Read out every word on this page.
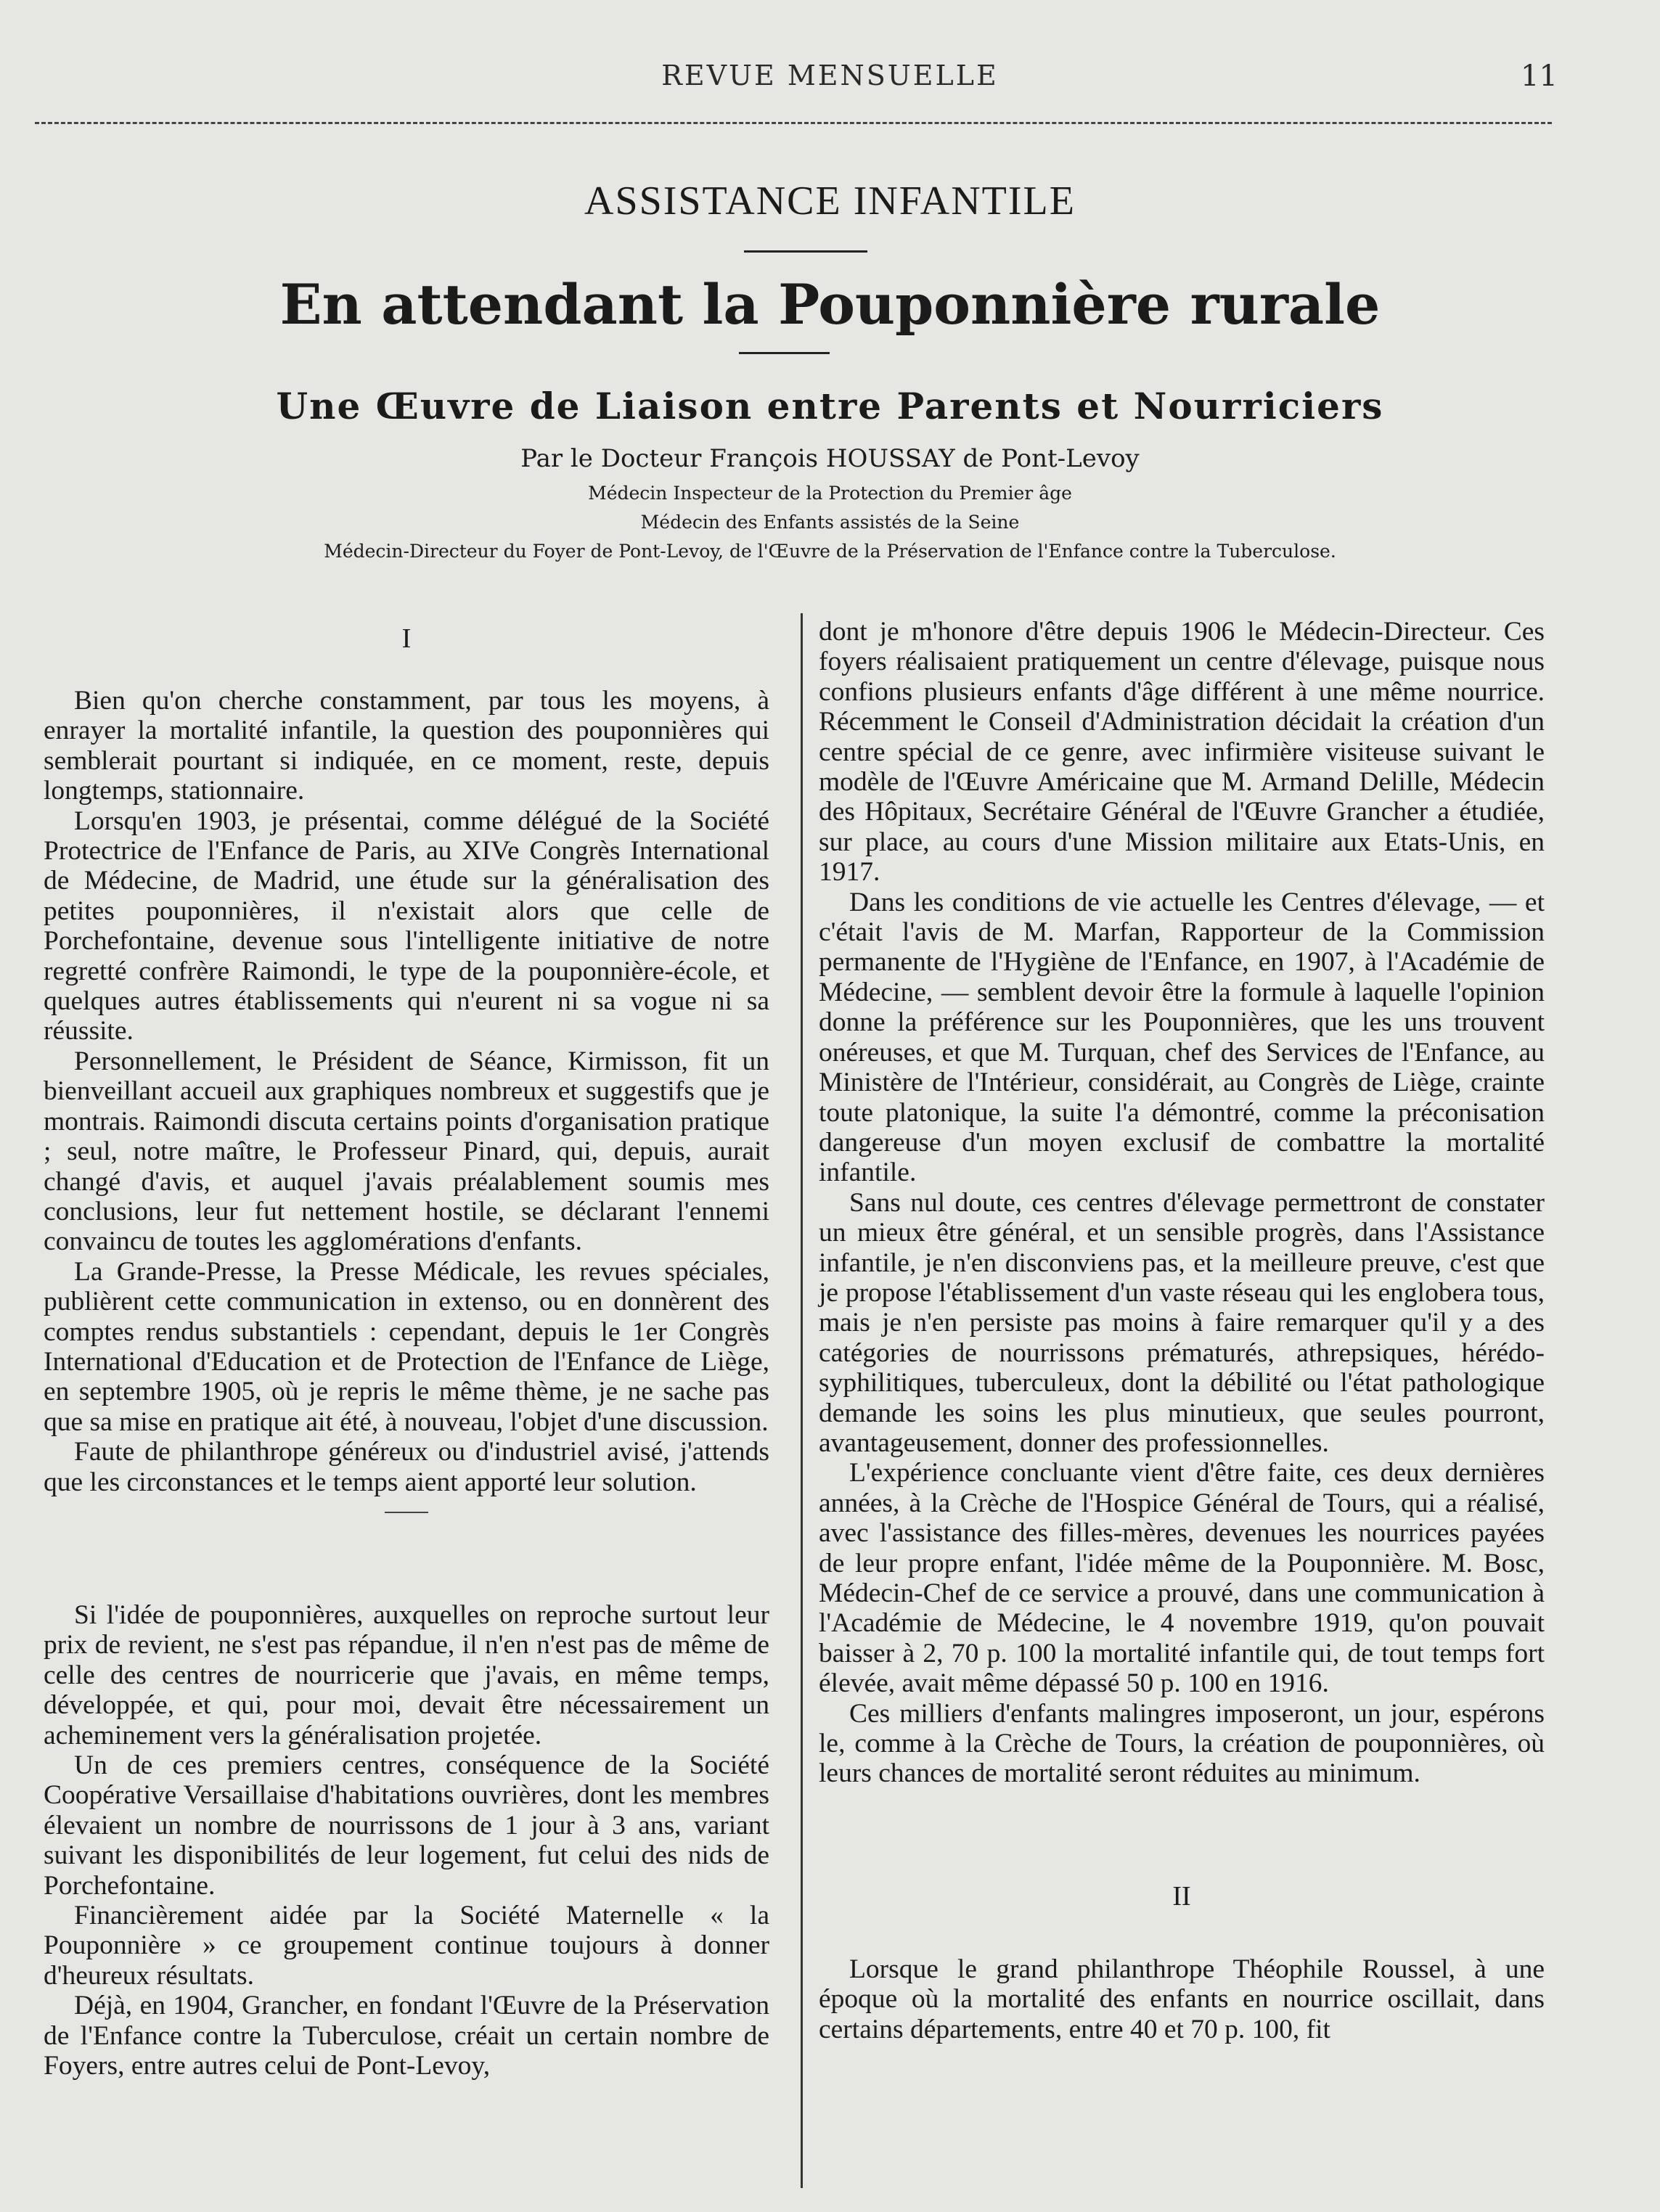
REVUE MENSUELLE	11
ASSISTANCE INFANTILE
En attendant la Pouponnière rurale
Une Œuvre de Liaison entre Parents et Nourriciers
Par le Docteur François HOUSSAY de Pont-Levoy
Médecin Inspecteur de la Protection du Premier âge
Médecin des Enfants assistés de la Seine
Médecin-Directeur du Foyer de Pont-Levoy, de l'Œuvre de la Préservation de l'Enfance contre la Tuberculose.
I

Bien qu'on cherche constamment, par tous les moyens, à enrayer la mortalité infantile, la question des pouponnières qui semblerait pourtant si indiquée, en ce moment, reste, depuis longtemps, stationnaire.

Lorsqu'en 1903, je présentai, comme délégué de la Société Protectrice de l'Enfance de Paris, au XIVe Congrès International de Médecine, de Madrid, une étude sur la généralisation des petites pouponnières, il n'existait alors que celle de Porchefontaine, devenue sous l'intelligente initiative de notre regretté confrère Raimondi, le type de la pouponnière-école, et quelques autres établissements qui n'eurent ni sa vogue ni sa réussite.

Personnellement, le Président de Séance, Kirmisson, fit un bienveillant accueil aux graphiques nombreux et suggestifs que je montrais. Raimondi discuta certains points d'organisation pratique ; seul, notre maître, le Professeur Pinard, qui, depuis, aurait changé d'avis, et auquel j'avais préalablement soumis mes conclusions, leur fut nettement hostile, se déclarant l'ennemi convaincu de toutes les agglomérations d'enfants.

La Grande-Presse, la Presse Médicale, les revues spéciales, publièrent cette communication in extenso, ou en donnèrent des comptes rendus substantiels : cependant, depuis le 1er Congrès International d'Education et de Protection de l'Enfance de Liège, en septembre 1905, où je repris le même thème, je ne sache pas que sa mise en pratique ait été, à nouveau, l'objet d'une discussion.

Faute de philanthrope généreux ou d'industriel avisé, j'attends que les circonstances et le temps aient apporté leur solution.

Si l'idée de pouponnières, auxquelles on reproche surtout leur prix de revient, ne s'est pas répandue, il n'en n'est pas de même de celle des centres de nourricerie que j'avais, en même temps, développée, et qui, pour moi, devait être nécessairement un acheminement vers la généralisation projetée.

Un de ces premiers centres, conséquence de la Société Coopérative Versaillaise d'habitations ouvrières, dont les membres élevaient un nombre de nourrissons de 1 jour à 3 ans, variant suivant les disponibilités de leur logement, fut celui des nids de Porchefontaine.

Financièrement aidée par la Société Maternelle « la Pouponnière » ce groupement continue toujours à donner d'heureux résultats.

Déjà, en 1904, Grancher, en fondant l'Œuvre de la Préservation de l'Enfance contre la Tuberculose, créait un certain nombre de Foyers, entre autres celui de Pont-Levoy,

dont je m'honore d'être depuis 1906 le Médecin-Directeur. Ces foyers réalisaient pratiquement un centre d'élevage, puisque nous confions plusieurs enfants d'âge différent à une même nourrice. Récemment le Conseil d'Administration décidait la création d'un centre spécial de ce genre, avec infirmière visiteuse suivant le modèle de l'Œuvre Américaine que M. Armand Delille, Médecin des Hôpitaux, Secrétaire Général de l'Œuvre Grancher a étudiée, sur place, au cours d'une Mission militaire aux Etats-Unis, en 1917.

Dans les conditions de vie actuelle les Centres d'élevage, — et c'était l'avis de M. Marfan, Rapporteur de la Commission permanente de l'Hygiène de l'Enfance, en 1907, à l'Académie de Médecine, — semblent devoir être la formule à laquelle l'opinion donne la préférence sur les Pouponnières, que les uns trouvent onéreuses, et que M. Turquan, chef des Services de l'Enfance, au Ministère de l'Intérieur, considérait, au Congrès de Liège, crainte toute platonique, la suite l'a démontré, comme la préconisation dangereuse d'un moyen exclusif de combattre la mortalité infantile.

Sans nul doute, ces centres d'élevage permettront de constater un mieux être général, et un sensible progrès, dans l'Assistance infantile, je n'en disconviens pas, et la meilleure preuve, c'est que je propose l'établissement d'un vaste réseau qui les englobera tous, mais je n'en persiste pas moins à faire remarquer qu'il y a des catégories de nourrissons prématurés, athrepsiques, hérédo-syphilitiques, tuberculeux, dont la débilité ou l'état pathologique demande les soins les plus minutieux, que seules pourront, avantageusement, donner des professionnelles.

L'expérience concluante vient d'être faite, ces deux dernières années, à la Crèche de l'Hospice Général de Tours, qui a réalisé, avec l'assistance des filles-mères, devenues les nourrices payées de leur propre enfant, l'idée même de la Pouponnière. M. Bosc, Médecin-Chef de ce service a prouvé, dans une communication à l'Académie de Médecine, le 4 novembre 1919, qu'on pouvait baisser à 2, 70 p. 100 la mortalité infantile qui, de tout temps fort élevée, avait même dépassé 50 p. 100 en 1916.

Ces milliers d'enfants malingres imposeront, un jour, espérons le, comme à la Crèche de Tours, la création de pouponnières, où leurs chances de mortalité seront réduites au minimum.

II

Lorsque le grand philanthrope Théophile Roussel, à une époque où la mortalité des enfants en nourrice oscillait, dans certains départements, entre 40 et 70 p. 100, fit
